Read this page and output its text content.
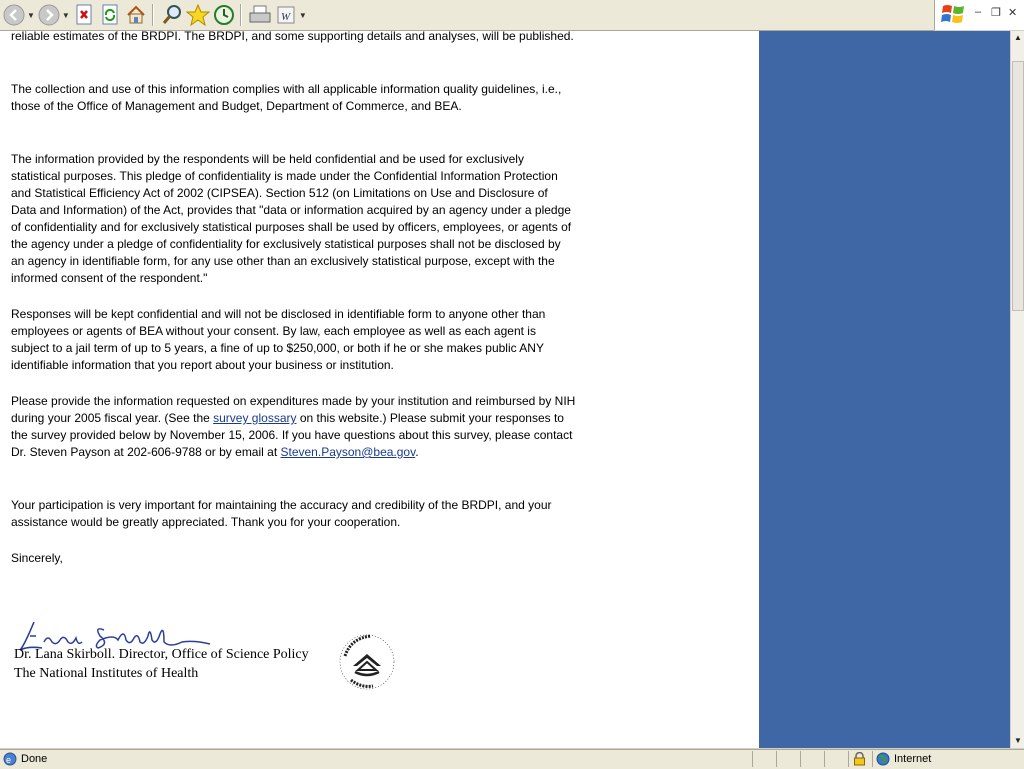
▼	▼	W ▼	– ❐ ✕

reliable estimates of the BRDPI. The BRDPI, and some supporting details and analyses, will be published.

The collection and use of this information complies with all applicable information quality guidelines, i.e., those of the Office of Management and Budget, Department of Commerce, and BEA.

The information provided by the respondents will be held confidential and be used for exclusively statistical purposes. This pledge of confidentiality is made under the Confidential Information Protection and Statistical Efficiency Act of 2002 (CIPSEA). Section 512 (on Limitations on Use and Disclosure of Data and Information) of the Act, provides that "data or information acquired by an agency under a pledge of confidentiality and for exclusively statistical purposes shall be used by officers, employees, or agents of the agency under a pledge of confidentiality for exclusively statistical purposes shall not be disclosed by an agency in identifiable form, for any use other than an exclusively statistical purpose, except with the informed consent of the respondent."

Responses will be kept confidential and will not be disclosed in identifiable form to anyone other than employees or agents of BEA without your consent. By law, each employee as well as each agent is subject to a jail term of up to 5 years, a fine of up to $250,000, or both if he or she makes public ANY identifiable information that you report about your business or institution.

Please provide the information requested on expenditures made by your institution and reimbursed by NIH during your 2005 fiscal year. (See the survey glossary on this website.) Please submit your responses to the survey provided below by November 15, 2006. If you have questions about this survey, please contact Dr. Steven Payson at 202-606-9788 or by email at Steven.Payson@bea.gov.

Your participation is very important for maintaining the accuracy and credibility of the BRDPI, and your assistance would be greatly appreciated. Thank you for your cooperation.

Sincerely,

Dr. Lana Skirboll. Director, Office of Science Policy
The National Institutes of Health
▲
▼
e Done	Internet
